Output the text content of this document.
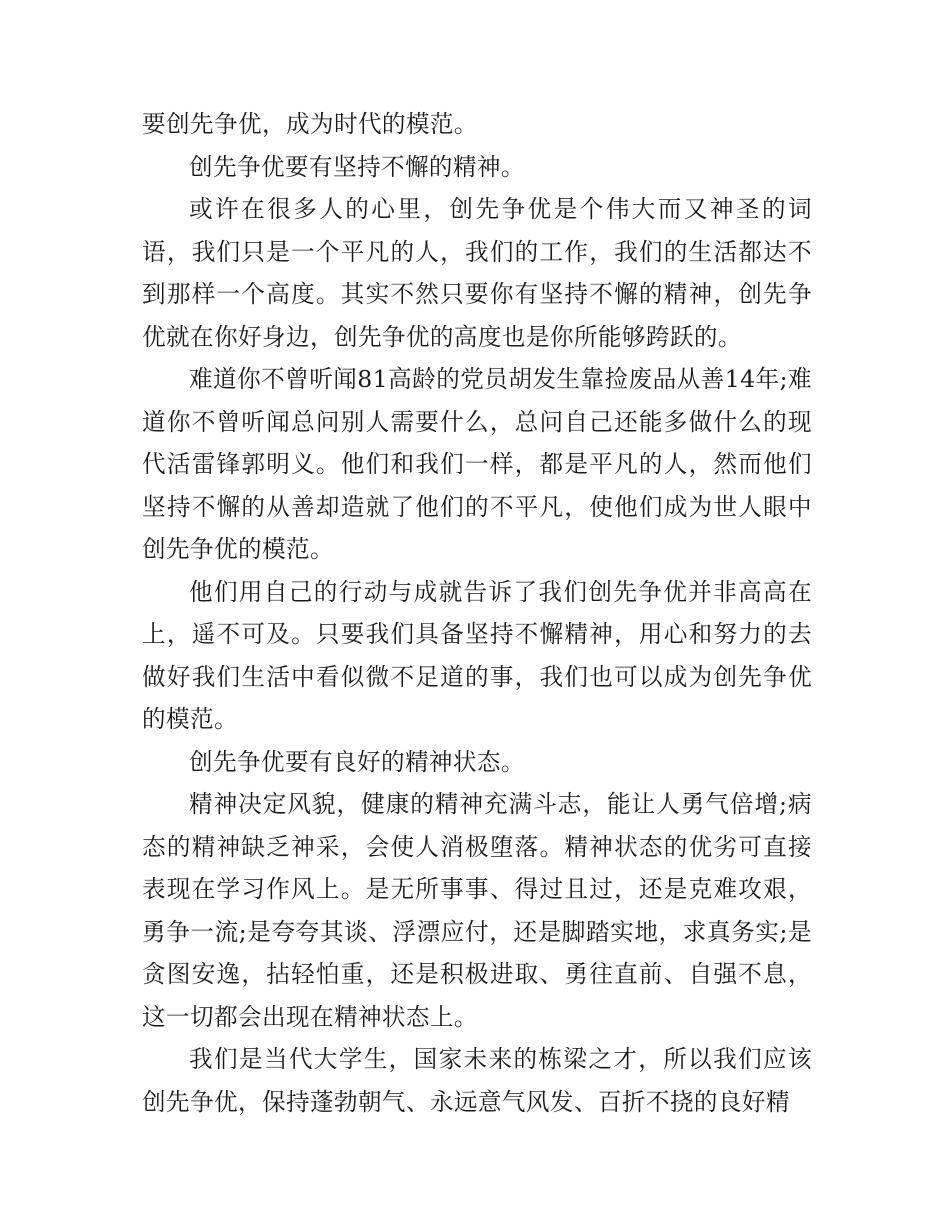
要创先争优，成为时代的模范。

创先争优要有坚持不懈的精神。

或许在很多人的心里，创先争优是个伟大而又神圣的词语，我们只是一个平凡的人，我们的工作，我们的生活都达不到那样一个高度。其实不然只要你有坚持不懈的精神，创先争优就在你好身边，创先争优的高度也是你所能够跨跃的。

难道你不曾听闻81高龄的党员胡发生靠捡废品从善14年;难道你不曾听闻总问别人需要什么，总问自己还能多做什么的现代活雷锋郭明义。他们和我们一样，都是平凡的人，然而他们坚持不懈的从善却造就了他们的不平凡，使他们成为世人眼中创先争优的模范。

他们用自己的行动与成就告诉了我们创先争优并非高高在上，遥不可及。只要我们具备坚持不懈精神，用心和努力的去做好我们生活中看似微不足道的事，我们也可以成为创先争优的模范。

创先争优要有良好的精神状态。

精神决定风貌，健康的精神充满斗志，能让人勇气倍增;病态的精神缺乏神采，会使人消极堕落。精神状态的优劣可直接表现在学习作风上。是无所事事、得过且过，还是克难攻艰，勇争一流;是夸夸其谈、浮漂应付，还是脚踏实地，求真务实;是贪图安逸，拈轻怕重，还是积极进取、勇往直前、自强不息，这一切都会出现在精神状态上。

我们是当代大学生，国家未来的栋梁之才，所以我们应该创先争优，保持蓬勃朝气、永远意气风发、百折不挠的良好精
